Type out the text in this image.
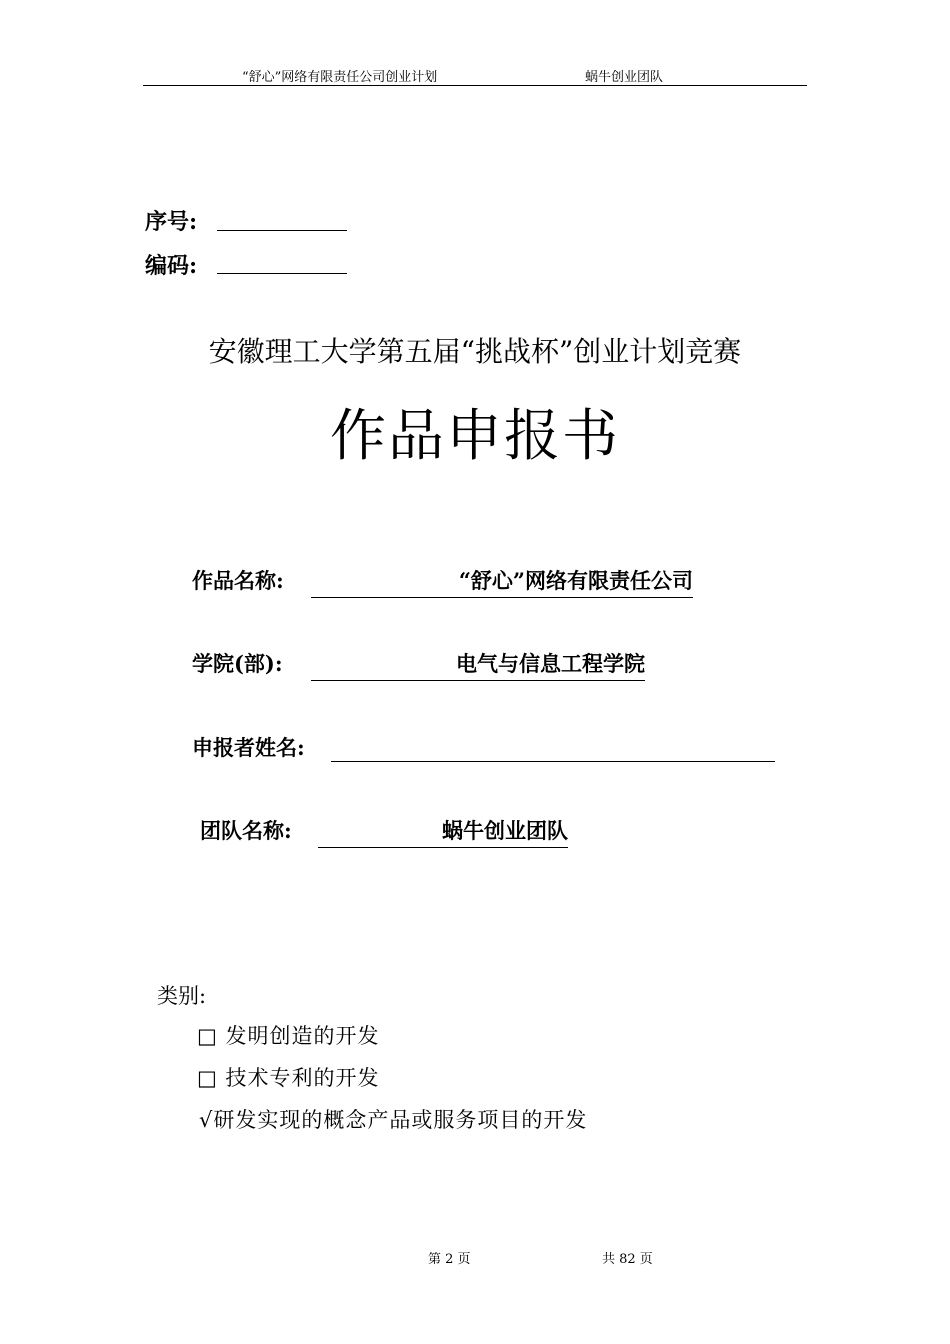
“舒心”网络有限责任公司创业计划	蜗牛创业团队
序号:
编码:
安徽理工大学第五届“挑战杯”创业计划竞赛
作品申报书
作品名称:	“舒心”网络有限责任公司
学院(部):	电气与信息工程学院
申报者姓名:
团队名称:	蜗牛创业团队
类别:
□ 发明创造的开发
□ 技术专利的开发
√研发实现的概念产品或服务项目的开发
第 2 页	共 82 页
